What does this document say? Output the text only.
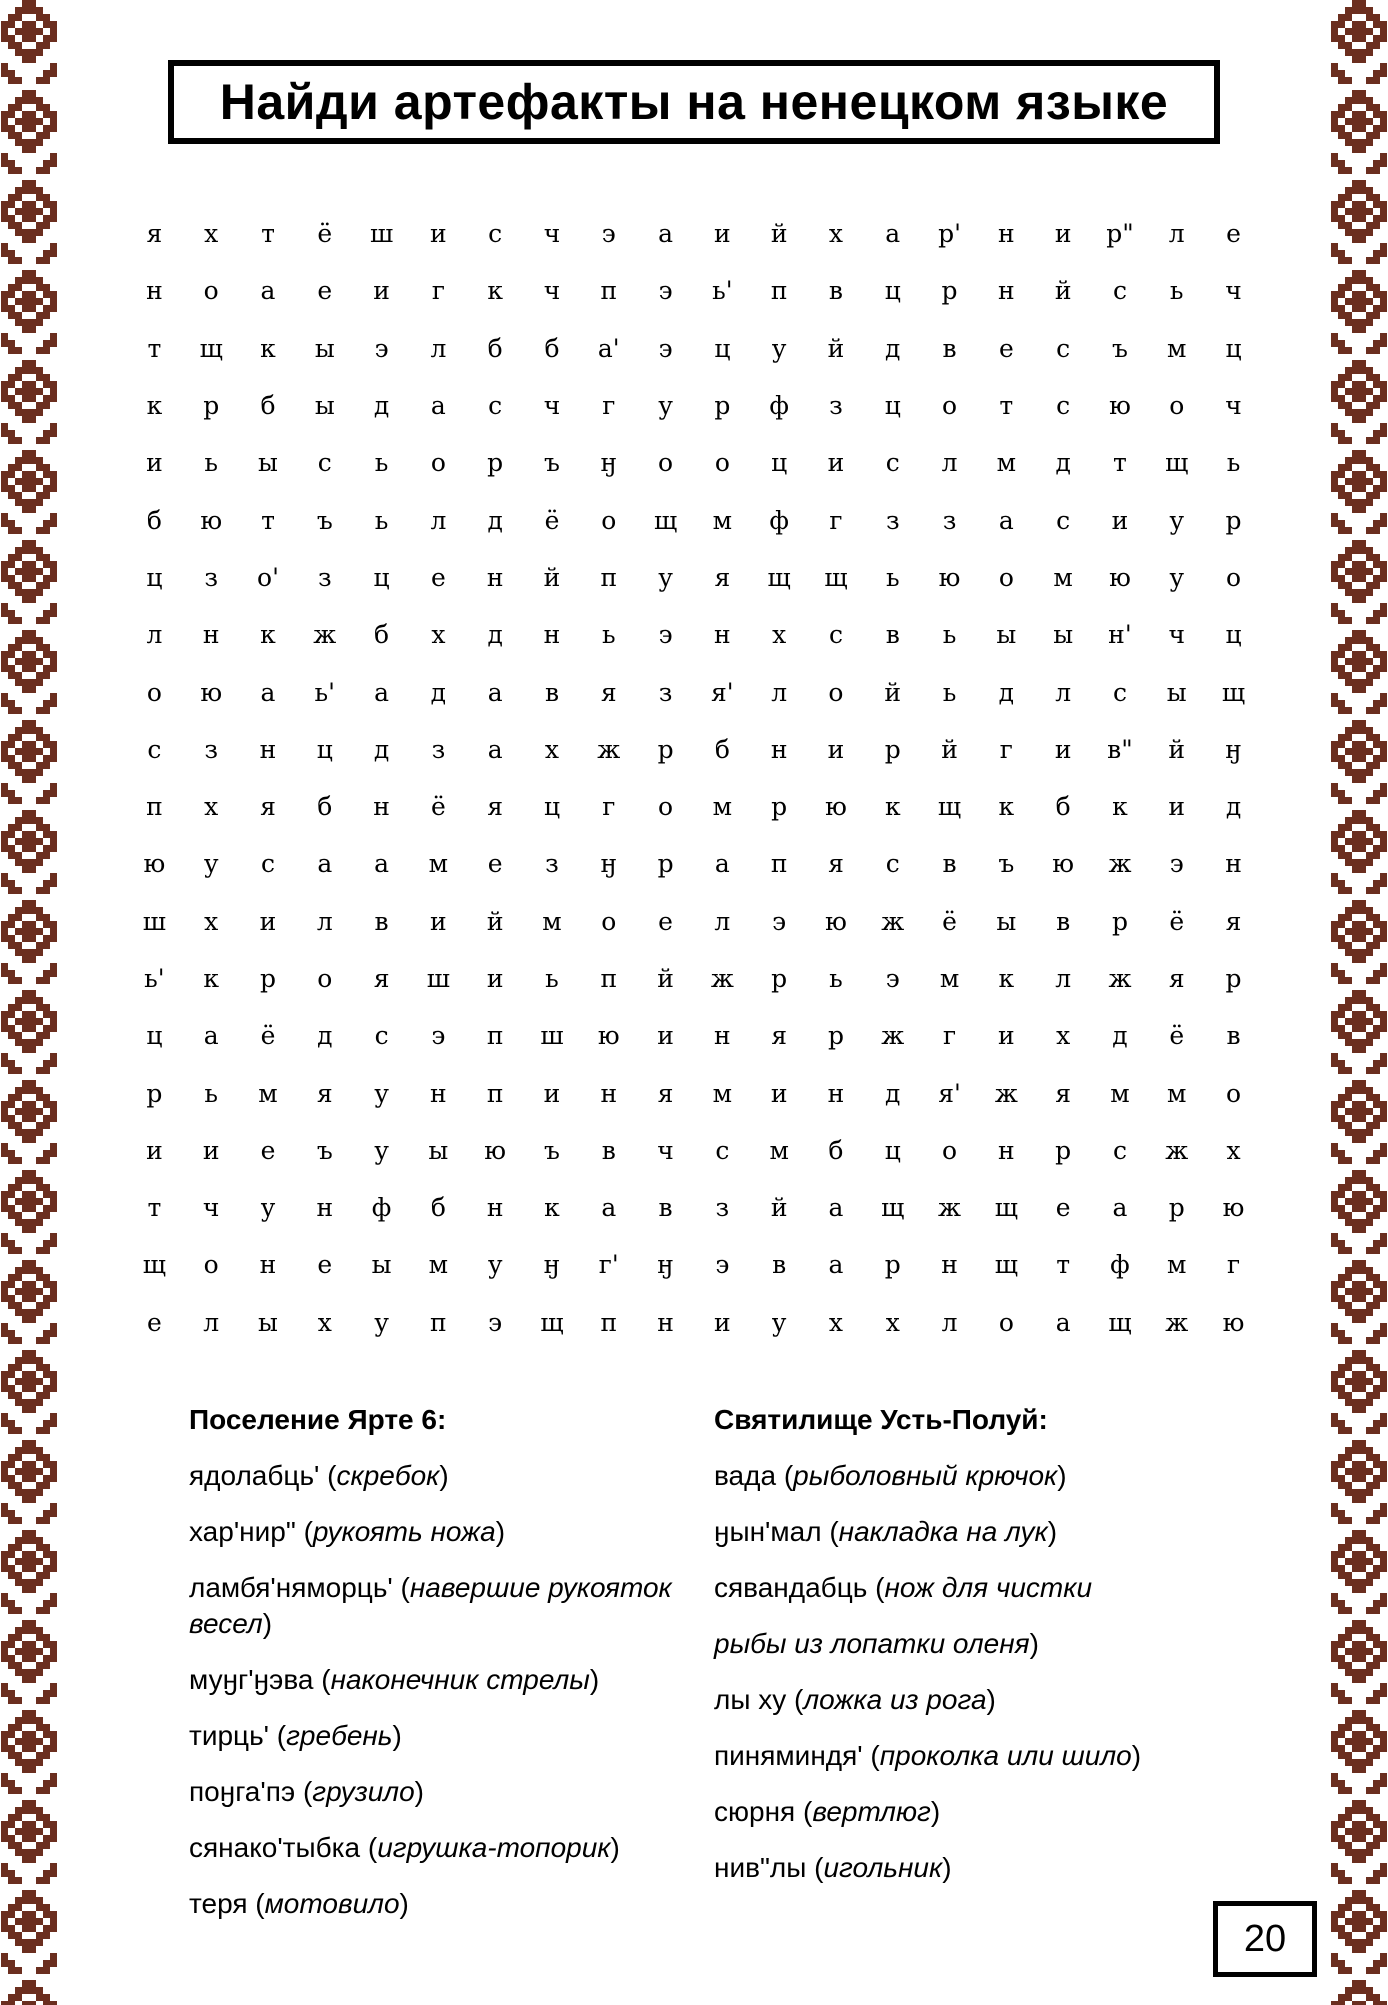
Найди артефакты на ненецком языке
я	х	т	ё	ш	и	с	ч	э	а	и	й	х	а	р'	н	и	р"	л	е
н	о	а	е	и	г	к	ч	п	э	ь'	п	в	ц	р	н	й	с	ь	ч
т	щ	к	ы	э	л	б	б	а'	э	ц	у	й	д	в	е	с	ъ	м	ц
к	р	б	ы	д	а	с	ч	г	у	р	ф	з	ц	о	т	с	ю	о	ч
и	ь	ы	с	ь	о	р	ъ	ӈ	о	о	ц	и	с	л	м	д	т	щ	ь
б	ю	т	ъ	ь	л	д	ё	о	щ	м	ф	г	з	з	а	с	и	у	р
ц	з	о'	з	ц	е	н	й	п	у	я	щ	щ	ь	ю	о	м	ю	у	о
л	н	к	ж	б	х	д	н	ь	э	н	х	с	в	ь	ы	ы	н'	ч	ц
о	ю	а	ь'	а	д	а	в	я	з	я'	л	о	й	ь	д	л	с	ы	щ
с	з	н	ц	д	з	а	х	ж	р	б	н	и	р	й	г	и	в"	й	ӈ
п	х	я	б	н	ё	я	ц	г	о	м	р	ю	к	щ	к	б	к	и	д
ю	у	с	а	а	м	е	з	ӈ	р	а	п	я	с	в	ъ	ю	ж	э	н
ш	х	и	л	в	и	й	м	о	е	л	э	ю	ж	ё	ы	в	р	ё	я
ь'	к	р	о	я	ш	и	ь	п	й	ж	р	ь	э	м	к	л	ж	я	р
ц	а	ё	д	с	э	п	ш	ю	и	н	я	р	ж	г	и	х	д	ё	в
р	ь	м	я	у	н	п	и	н	я	м	и	н	д	я'	ж	я	м	м	о
и	и	е	ъ	у	ы	ю	ъ	в	ч	с	м	б	ц	о	н	р	с	ж	х
т	ч	у	н	ф	б	н	к	а	в	з	й	а	щ	ж	щ	е	а	р	ю
щ	о	н	е	ы	м	у	ӈ	г'	ӈ	э	в	а	р	н	щ	т	ф	м	г
е	л	ы	х	у	п	э	щ	п	н	и	у	х	х	л	о	а	щ	ж	ю
Поселение Ярте 6:
ядолабць' (скребок)
хар'нир" (рукоять ножа)
ламбя'няморць' (навершие рукояток весел)
муӈг'ӈэва (наконечник стрелы)
тирць' (гребень)
поӈга'пэ (грузило)
сянако'тыбка (игрушка-топорик)
теря (мотовило)
Святилище Усть-Полуй:
вада (рыболовный крючок)
ӈын'мал (накладка на лук)
сявандабць (нож для чистки
рыбы из лопатки оленя)
лы ху (ложка из рога)
пиняминдя' (проколка или шило)
сюрня (вертлюг)
нив"лы (игольник)
20
